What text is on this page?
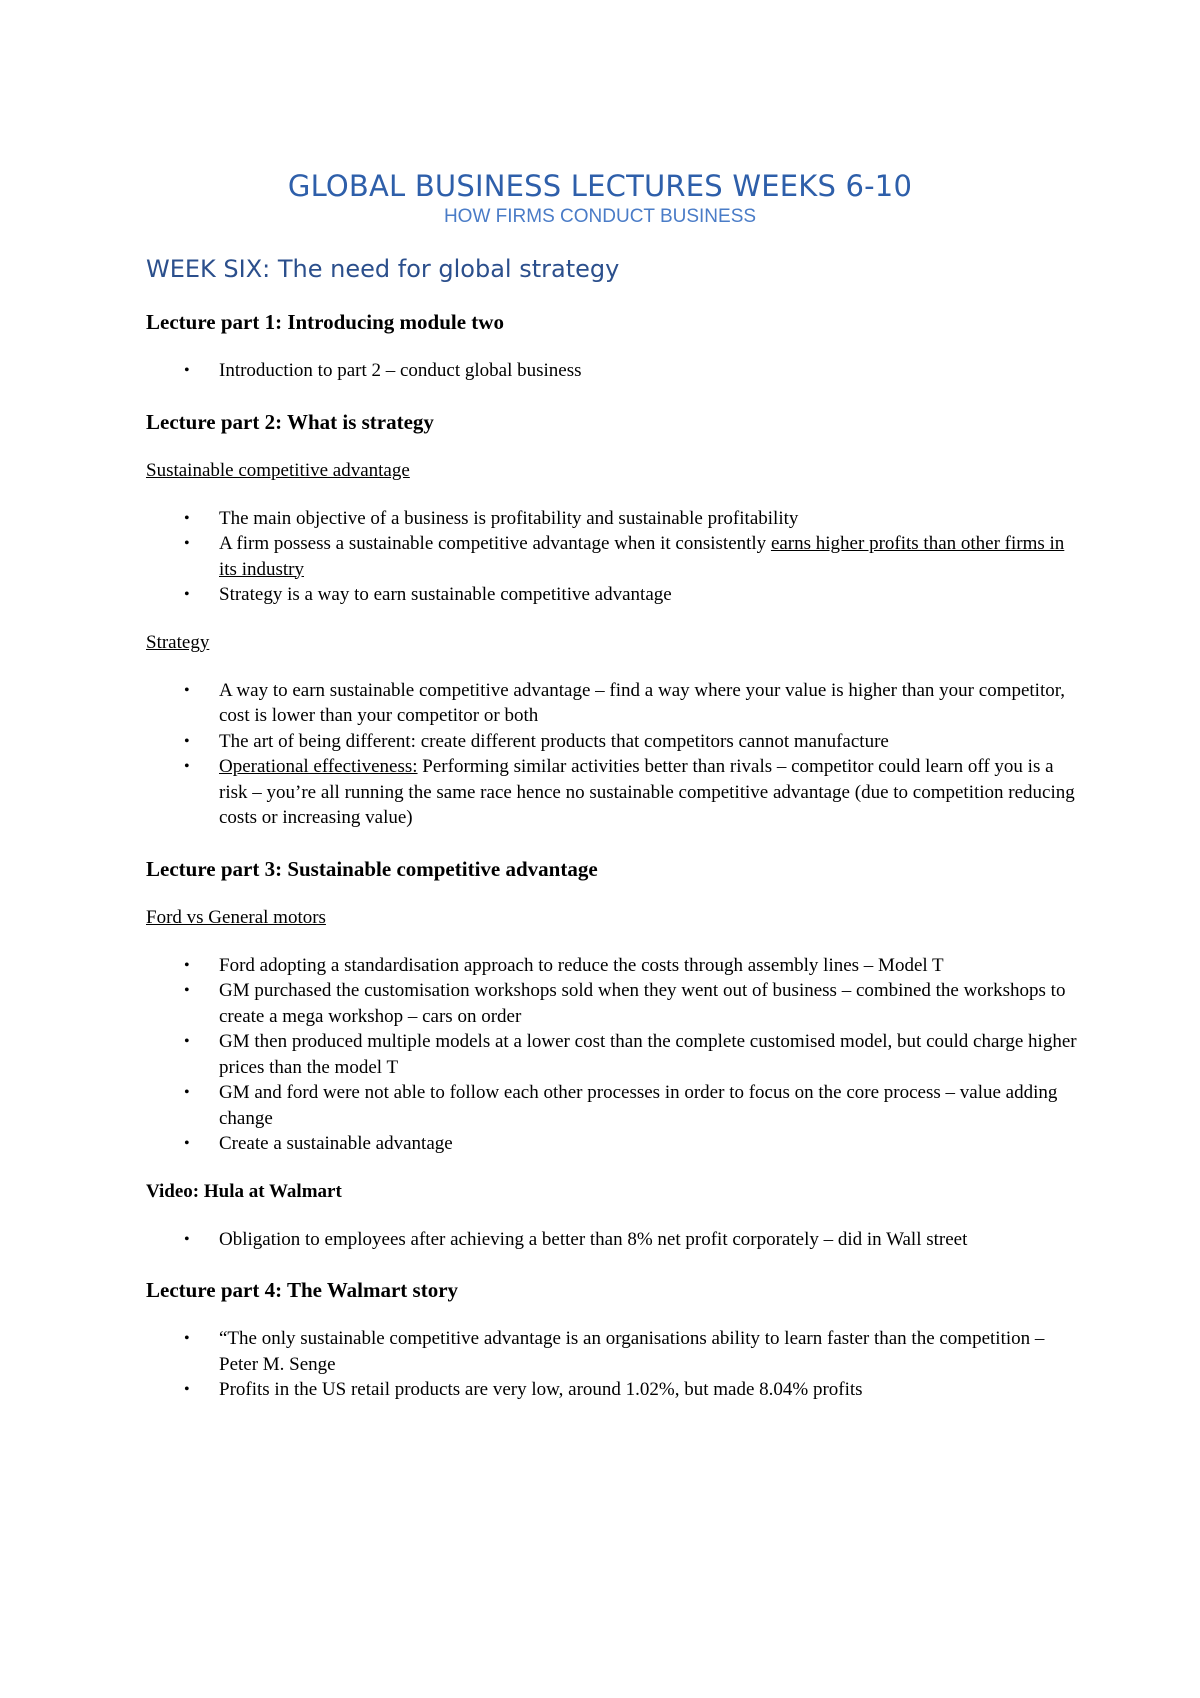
GLOBAL BUSINESS LECTURES WEEKS 6-10
HOW FIRMS CONDUCT BUSINESS
WEEK SIX: The need for global strategy
Lecture part 1: Introducing module two
• Introduction to part 2 – conduct global business
Lecture part 2: What is strategy
Sustainable competitive advantage
• The main objective of a business is profitability and sustainable profitability
• A firm possess a sustainable competitive advantage when it consistently earns higher profits than other firms in its industry
• Strategy is a way to earn sustainable competitive advantage
Strategy
• A way to earn sustainable competitive advantage – find a way where your value is higher than your competitor, cost is lower than your competitor or both
• The art of being different: create different products that competitors cannot manufacture
• Operational effectiveness: Performing similar activities better than rivals – competitor could learn off you is a risk – you’re all running the same race hence no sustainable competitive advantage (due to competition reducing costs or increasing value)
Lecture part 3: Sustainable competitive advantage
Ford vs General motors
• Ford adopting a standardisation approach to reduce the costs through assembly lines – Model T
• GM purchased the customisation workshops sold when they went out of business – combined the workshops to create a mega workshop – cars on order
• GM then produced multiple models at a lower cost than the complete customised model, but could charge higher prices than the model T
• GM and ford were not able to follow each other processes in order to focus on the core process – value adding change
• Create a sustainable advantage
Video: Hula at Walmart
• Obligation to employees after achieving a better than 8% net profit corporately – did in Wall street
Lecture part 4: The Walmart story
• “The only sustainable competitive advantage is an organisations ability to learn faster than the competition – Peter M. Senge
• Profits in the US retail products are very low, around 1.02%, but made 8.04% profits
